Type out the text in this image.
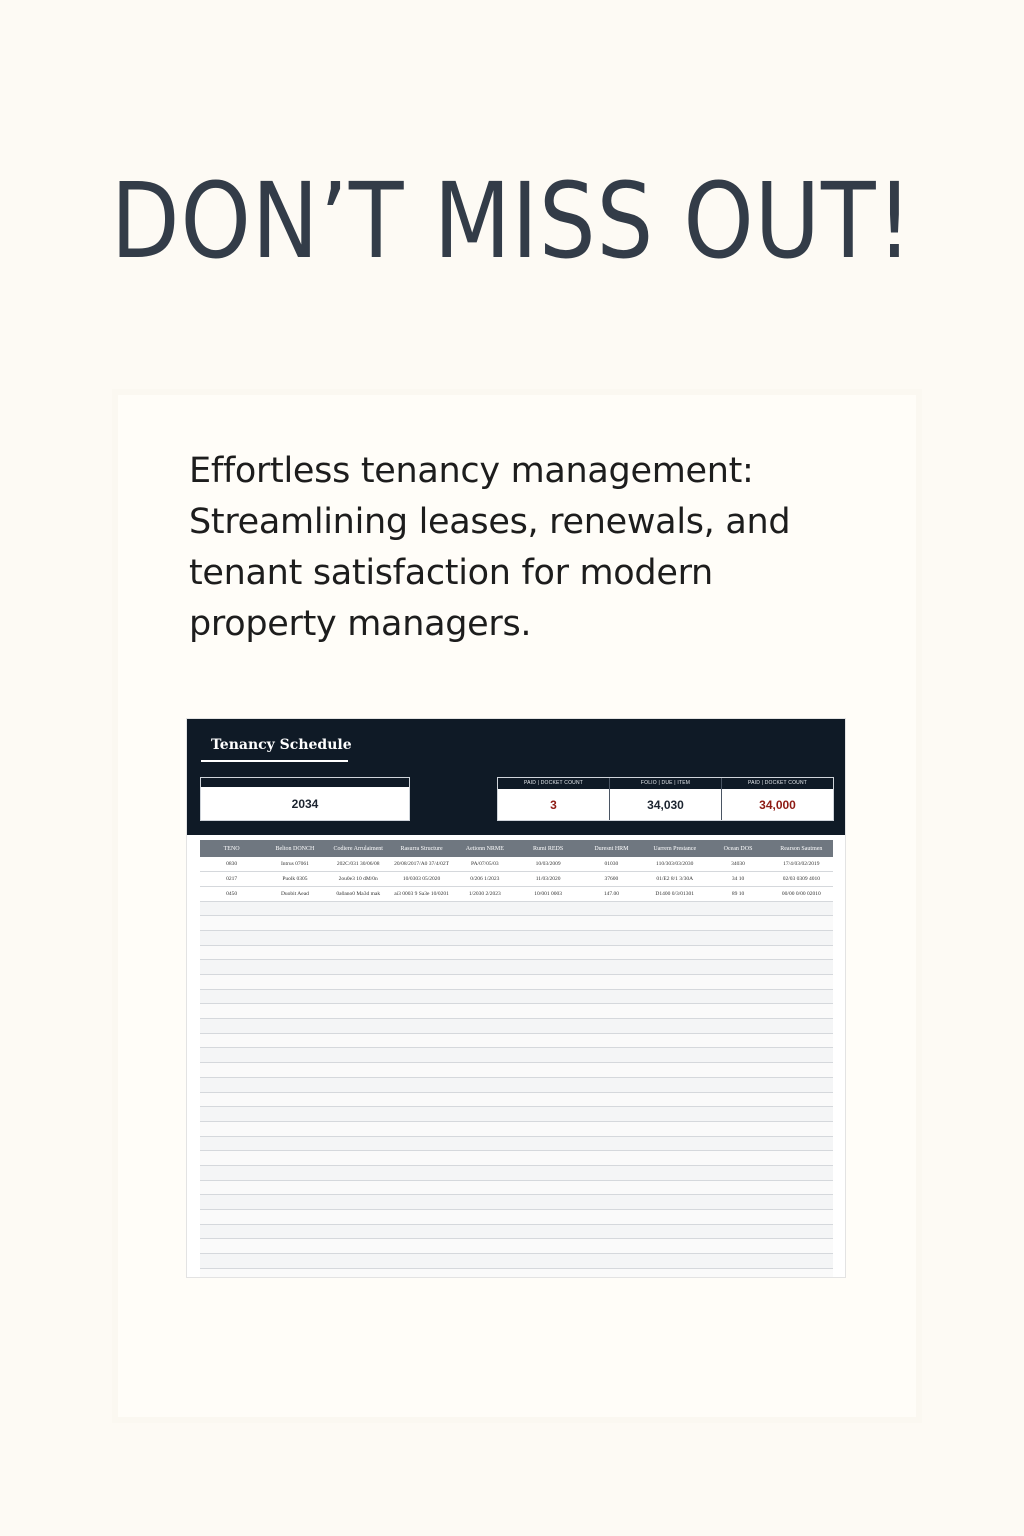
DON’T MISS OUT!
Effortless tenancy management:
Streamlining leases, renewals, and
tenant satisfaction for modern
property managers.
Tenancy Schedule
2034
PAID | DOCKET COUNT
3
FOLIO | DUE | ITEM
34,030
PAID | DOCKET COUNT
34,000
TENO	Belton DONCH	Codiere Arrulaiment	Rasurra Structure	Aetionn NRME	Rumi REDS	Duresnt HRM	Uarrem Prestance	Ocean DOS	Rearson Sautmen
0830	Intrus 07061	202C/031 30/06/08	20/08/2017/A0 37/4/02T	PA/07/05/03	10/03/2009	01030	110/303/03/2030	34030	17/4/03/02/2019
0217	Puolk 0305	2ou0e3 10 dM/0n	10/0303 05/2020	0/206 1/2023	11/03/2020	37600	01/E2 8/1 3/30A	34 10	02/03 0309 4010
0450	Duobit Aead	0a0ano0 Ma3d mak	ai3 0003 9 Sa3e 10/0201	1/2030 2/2023	10/001 0003	147.00	D1400 0/3/01301	89 10	00/00 0/00 02010
